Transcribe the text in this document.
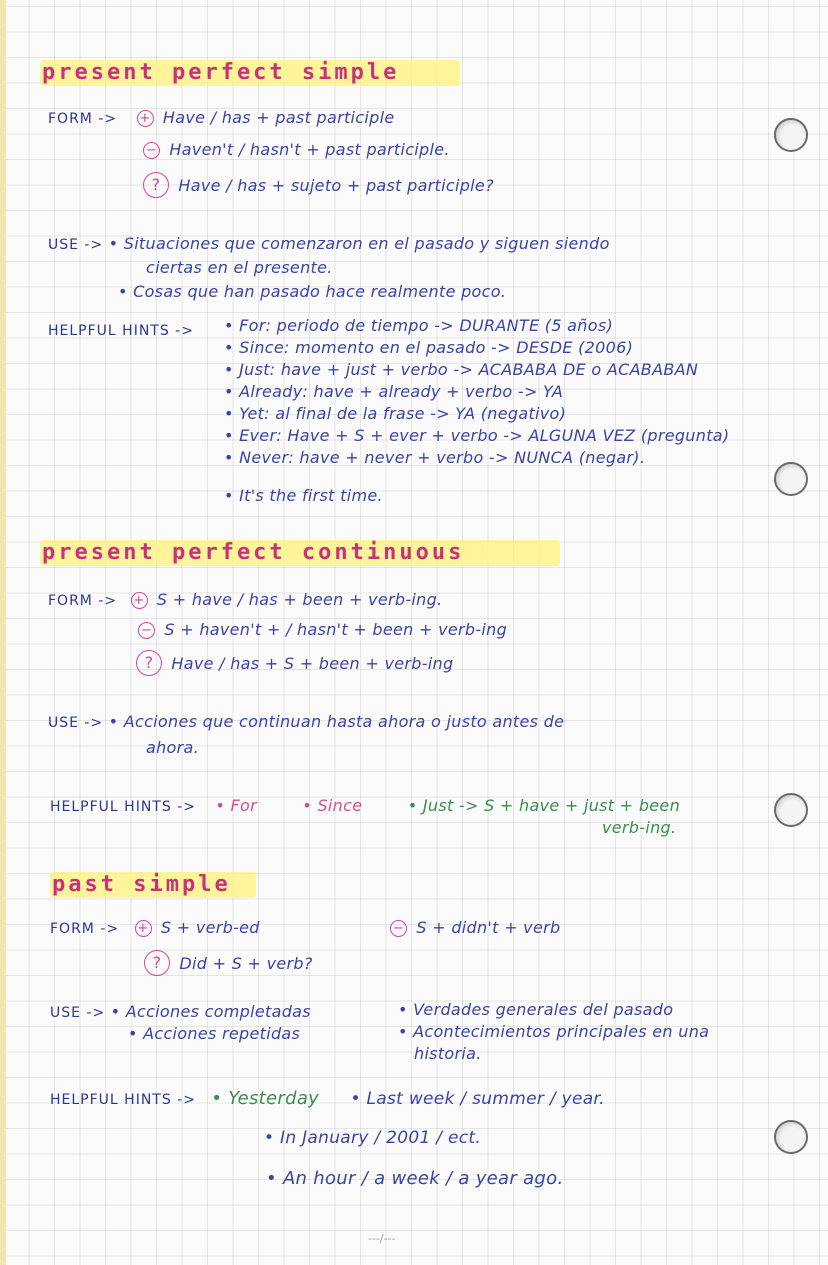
present perfect simple
FORM -> + Have / has + past participle
− Haven't / hasn't + past participle.
? Have / has + sujeto + past participle?
USE -> • Situaciones que comenzaron en el pasado y siguen siendo
ciertas en el presente.
• Cosas que han pasado hace realmente poco.
HELPFUL HINTS -> • For: periodo de tiempo -> DURANTE (5 años)
• Since: momento en el pasado -> DESDE (2006)
• Just: have + just + verbo -> ACABABA DE o ACABABAN
• Already: have + already + verbo -> YA
• Yet: al final de la frase -> YA (negativo)
• Ever: Have + S + ever + verbo -> ALGUNA VEZ (pregunta)
• Never: have + never + verbo -> NUNCA (negar).
• It's the first time.
present perfect continuous
FORM -> + S + have / has + been + verb-ing.
− S + haven't + / hasn't + been + verb-ing
? Have / has + S + been + verb-ing
USE -> • Acciones que continuan hasta ahora o justo antes de
ahora.
HELPFUL HINTS -> • For	• Since	• Just -> S + have + just + been
verb-ing.
past simple
FORM -> + S + verb-ed	− S + didn't + verb
? Did + S + verb?
USE -> • Acciones completadas
• Acciones repetidas
• Verdades generales del pasado
• Acontecimientos principales en una
historia.
HELPFUL HINTS -> • Yesterday • Last week / summer / year.
• In January / 2001 / ect.
• An hour / a week / a year ago.
---/---
